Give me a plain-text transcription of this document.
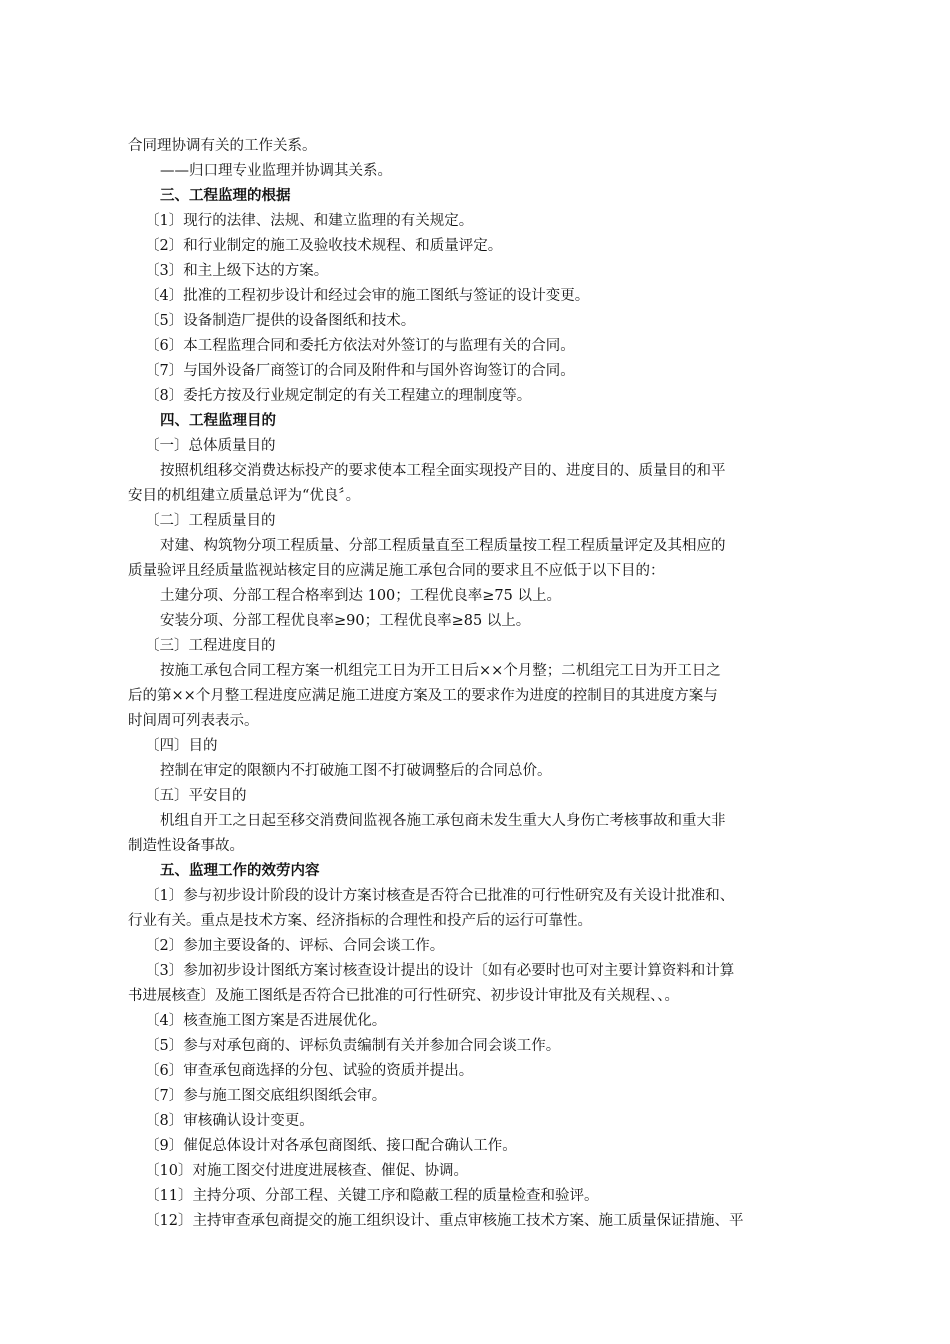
合同理协调有关的工作关系。
——归口理专业监理并协调其关系。
三、工程监理的根据
〔1〕现行的法律、法规、和建立监理的有关规定。
〔2〕和行业制定的施工及验收技术规程、和质量评定。
〔3〕和主上级下达的方案。
〔4〕批准的工程初步设计和经过会审的施工图纸与签证的设计变更。
〔5〕设备制造厂提供的设备图纸和技术。
〔6〕本工程监理合同和委托方依法对外签订的与监理有关的合同。
〔7〕与国外设备厂商签订的合同及附件和与国外咨询签订的合同。
〔8〕委托方按及行业规定制定的有关工程建立的理制度等。
四、工程监理目的
〔一〕总体质量目的
按照机组移交消费达标投产的要求使本工程全面实现投产目的、进度目的、质量目的和平
安目的机组建立质量总评为“优良〞。
〔二〕工程质量目的
对建、构筑物分项工程质量、分部工程质量直至工程质量按工程工程质量评定及其相应的
质量验评且经质量监视站核定目的应满足施工承包合同的要求且不应低于以下目的：
土建分项、分部工程合格率到达 100；工程优良率≥75 以上。
安装分项、分部工程优良率≥90；工程优良率≥85 以上。
〔三〕工程进度目的
按施工承包合同工程方案一机组完工日为开工日后××个月整；二机组完工日为开工日之
后的第××个月整工程进度应满足施工进度方案及工的要求作为进度的控制目的其进度方案与
时间周可列表表示。
〔四〕目的
控制在审定的限额内不打破施工图不打破调整后的合同总价。
〔五〕平安目的
机组自开工之日起至移交消费间监视各施工承包商未发生重大人身伤亡考核事故和重大非
制造性设备事故。
五、监理工作的效劳内容
〔1〕参与初步设计阶段的设计方案讨核查是否符合已批准的可行性研究及有关设计批准和、
行业有关。重点是技术方案、经济指标的合理性和投产后的运行可靠性。
〔2〕参加主要设备的、评标、合同会谈工作。
〔3〕参加初步设计图纸方案讨核查设计提出的设计〔如有必要时也可对主要计算资料和计算
书进展核查〕及施工图纸是否符合已批准的可行性研究、初步设计审批及有关规程、、。
〔4〕核查施工图方案是否进展优化。
〔5〕参与对承包商的、评标负责编制有关并参加合同会谈工作。
〔6〕审查承包商选择的分包、试验的资质并提出。
〔7〕参与施工图交底组织图纸会审。
〔8〕审核确认设计变更。
〔9〕催促总体设计对各承包商图纸、接口配合确认工作。
〔10〕对施工图交付进度进展核查、催促、协调。
〔11〕主持分项、分部工程、关键工序和隐蔽工程的质量检查和验评。
〔12〕主持审查承包商提交的施工组织设计、重点审核施工技术方案、施工质量保证措施、平
